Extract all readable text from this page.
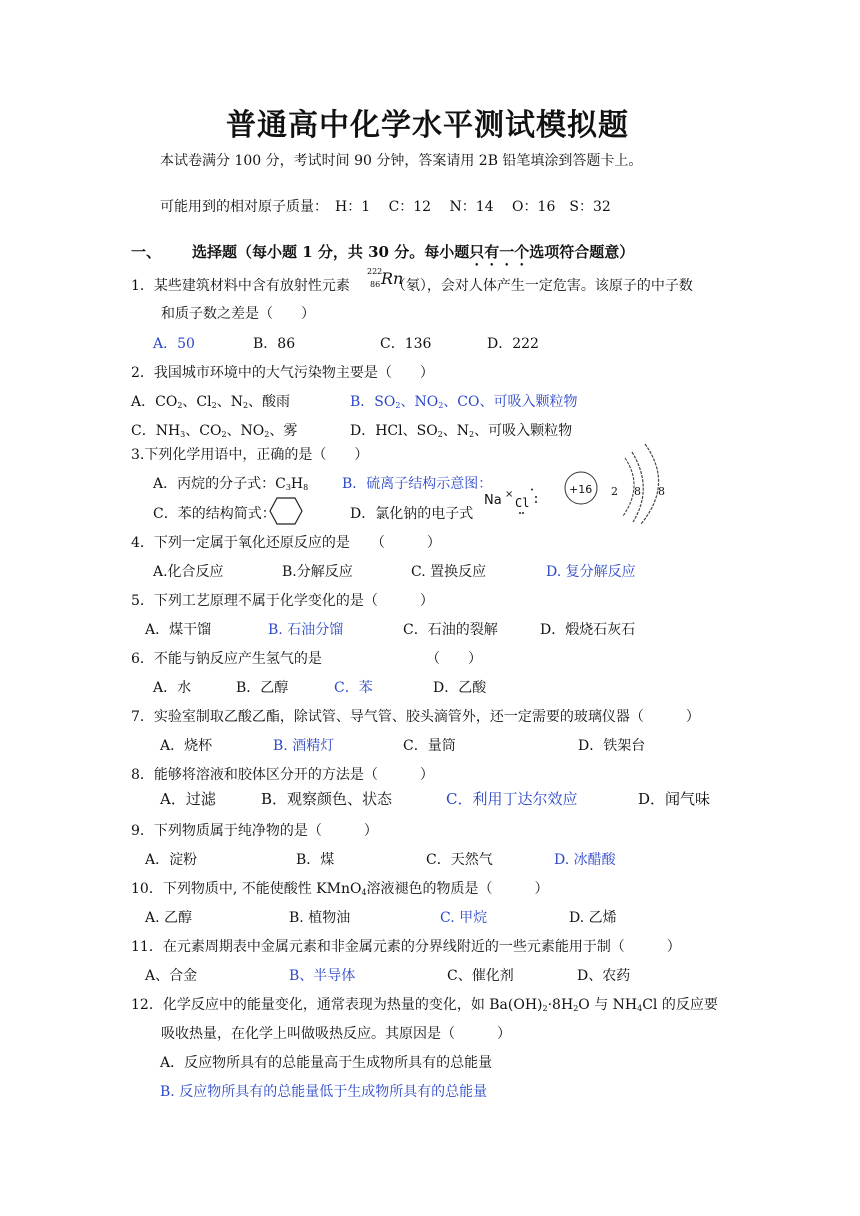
普通高中化学水平测试模拟题
本试卷满分 100 分，考试时间 90 分钟，答案请用 2B 铅笔填涂到答题卡上。
可能用到的相对原子质量：　H：1　 C：12　 N：14　 O：16　S：32
一、 选择题（每小题 1 分，共 30 分。每小题只有一个选项符合题意）
1．某些建筑材料中含有放射性元素	（氡），会对人体产生一定危害。该原子的中子数
222
86 Rn
和质子数之差是（　　）
A．50	B．86	C．136	D．222
2．我国城市环境中的大气污染物主要是（　　）
A．$CO_2$、$Cl_2$、$N_2$、酸雨	B．$SO_2$、$NO_2$、CO、可吸入颗粒物
C．$NH_3$、$CO_2$、$NO_2$、雾	D．HCl、$SO_2$、$N_2$、可吸入颗粒物
3.下列化学用语中，正确的是（　　）
A．丙烷的分子式：$C_3H_8$ B．硫离子结构示意图：
C．苯的结构简式：	D．氯化钠的电子式
Na ×
Cl
+16 2 8 8
4．下列一定属于氧化还原反应的是　　（　　　）
A.化合反应	B.分解反应	C. 置换反应	D. 复分解反应
5．下列工艺原理不属于化学变化的是（　　　）
A．煤干馏	B. 石油分馏	C．石油的裂解	D．煅烧石灰石
6．不能与钠反应产生氢气的是	（　　）
A．水	B．乙醇	C．苯	D．乙酸
7．实验室制取乙酸乙酯，除试管、导气管、胶头滴管外，还一定需要的玻璃仪器（　　　）
A．烧杯	B. 酒精灯	C．量筒	D．铁架台
8．能够将溶液和胶体区分开的方法是（　　　）
A．过滤	B．观察颜色、状态	C．利用丁达尔效应	D．闻气味
9．下列物质属于纯净物的是（　　　）
A．淀粉	B．煤	C．天然气	D. 冰醋酸
10．下列物质中, 不能使酸性 KMnO$_4$溶液褪色的物质是（　　　）
A. 乙醇	B. 植物油	C. 甲烷	D. 乙烯
11．在元素周期表中金属元素和非金属元素的分界线附近的一些元素能用于制（　　　）
A、合金	B、半导体	C、催化剂	D、农药
12．化学反应中的能量变化，通常表现为热量的变化，如 $Ba(OH)_2\cdot 8H_2O$ 与 $NH_4Cl$ 的反应要
吸收热量，在化学上叫做吸热反应。其原因是（　　　）
A．反应物所具有的总能量高于生成物所具有的总能量
B. 反应物所具有的总能量低于生成物所具有的总能量
